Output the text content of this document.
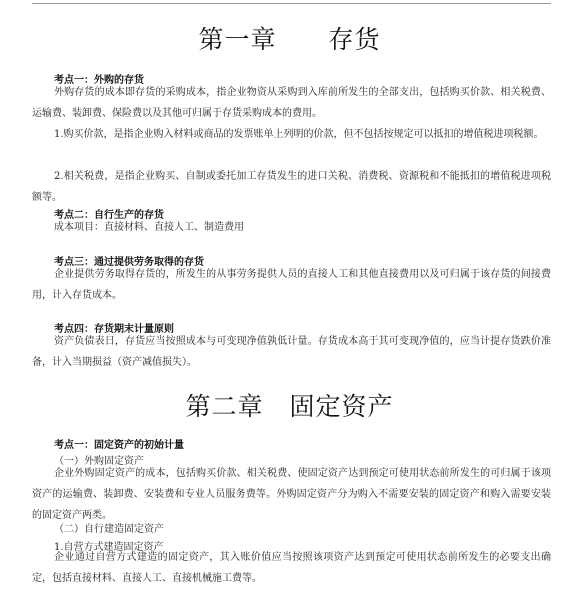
第一章　　存货
考点一：外购的存货
外购存货的成本即存货的采购成本，指企业物资从采购到入库前所发生的全部支出，包括购买价款、相关税费、运输费、装卸费、保险费以及其他可归属于存货采购成本的费用。
1.购买价款，是指企业购入材料或商品的发票账单上列明的价款，但不包括按规定可以抵扣的增值税进项税额。
2.相关税费，是指企业购买、自制或委托加工存货发生的进口关税、消费税、资源税和不能抵扣的增值税进项税额等。
考点二：自行生产的存货
成本项目：直接材料、直接人工、制造费用
考点三：通过提供劳务取得的存货
企业提供劳务取得存货的，所发生的从事劳务提供人员的直接人工和其他直接费用以及可归属于该存货的间接费用，计入存货成本。
考点四：存货期末计量原则
资产负债表日，存货应当按照成本与可变现净值孰低计量。存货成本高于其可变现净值的，应当计提存货跌价准备，计入当期损益（资产减值损失）。
第二章　固定资产
考点一：固定资产的初始计量
（一）外购固定资产
企业外购固定资产的成本，包括购买价款、相关税费、使固定资产达到预定可使用状态前所发生的可归属于该项资产的运输费、装卸费、安装费和专业人员服务费等。外购固定资产分为购入不需要安装的固定资产和购入需要安装的固定资产两类。
（二）自行建造固定资产
1.自营方式建造固定资产
企业通过自营方式建造的固定资产，其入账价值应当按照该项资产达到预定可使用状态前所发生的必要支出确定，包括直接材料、直接人工、直接机械施工费等。
